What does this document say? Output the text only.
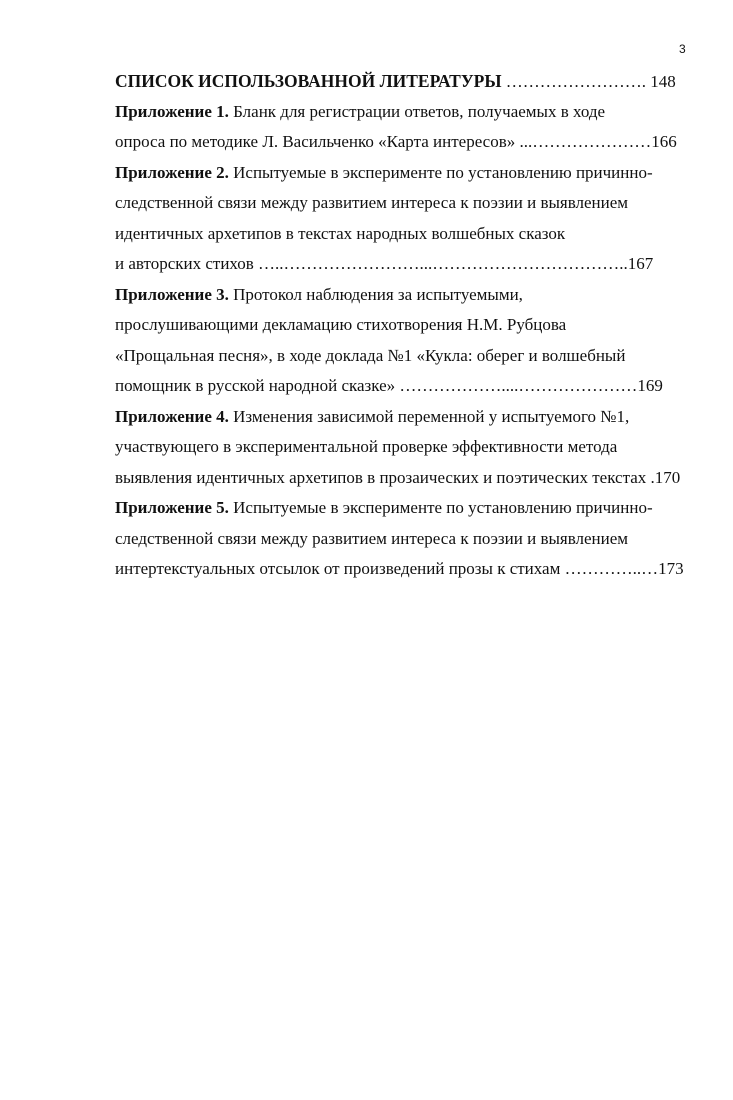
3
СПИСОК ИСПОЛЬЗОВАННОЙ ЛИТЕРАТУРЫ ……………………. 148
Приложение 1. Бланк для регистрации ответов, получаемых в ходе
опроса по методике Л. Васильченко «Карта интересов» ...…………………166
Приложение 2. Испытуемые в эксперименте по установлению причинно-
следственной связи между развитием интереса к поэзии и выявлением
идентичных архетипов в текстах народных волшебных сказок
и авторских стихов …..……………………...……………………………..167
Приложение 3. Протокол наблюдения за испытуемыми,
прослушивающими декламацию стихотворения Н.М. Рубцова
«Прощальная песня», в ходе доклада №1 «Кукла: оберег и волшебный
помощник в русской народной сказке» ………………....…………………169
Приложение 4. Изменения зависимой переменной у испытуемого №1,
участвующего в экспериментальной проверке эффективности метода
выявления идентичных архетипов в прозаических и поэтических текстах .170
Приложение 5. Испытуемые в эксперименте по установлению причинно-
следственной связи между развитием интереса к поэзии и выявлением
интертекстуальных отсылок от произведений прозы к стихам …………..…173
